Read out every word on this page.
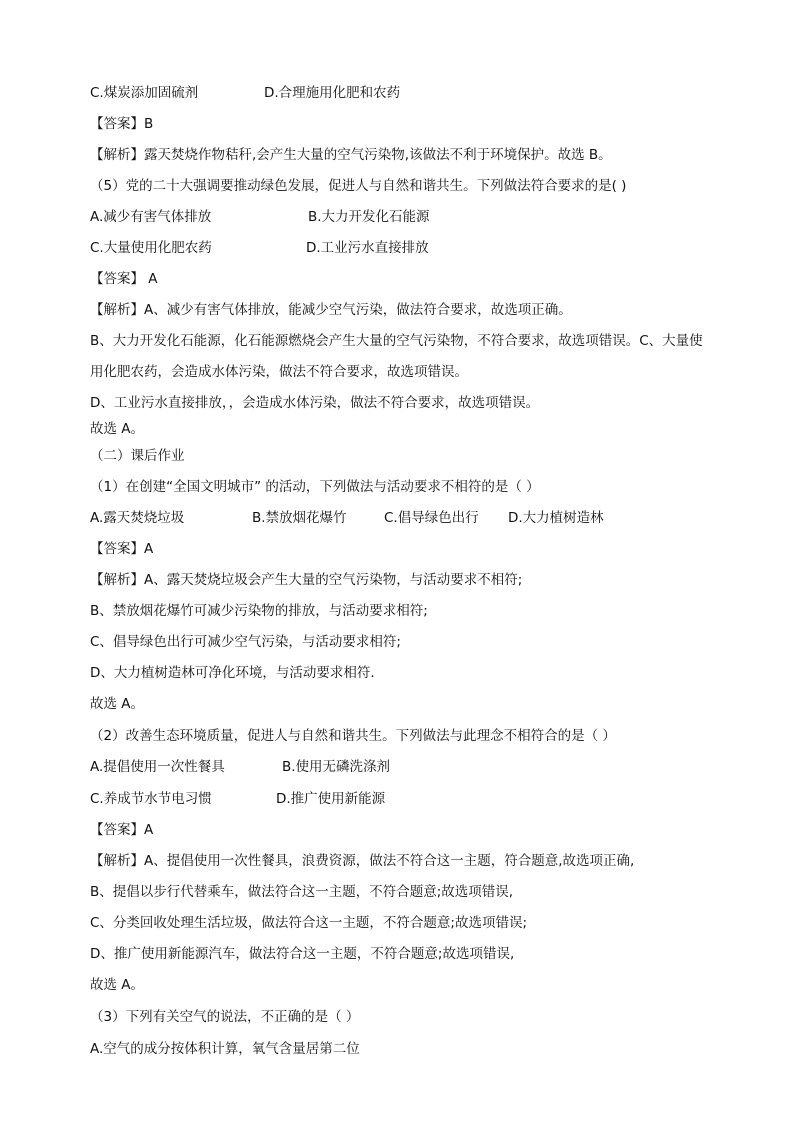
C.煤炭添加固硫剂	D.合理施用化肥和农药
【答案】B
【解析】露天焚烧作物秸秆,会产生大量的空气污染物,该做法不利于环境保护。故选 B。
（5）党的二十大强调要推动绿色发展，促进人与自然和谐共生。下列做法符合要求的是( )
A.减少有害气体排放	B.大力开发化石能源
C.大量使用化肥农药	D.工业污水直接排放
【答案】 A
【解析】A、减少有害气体排放，能减少空气污染，做法符合要求，故选项正确。
B、大力开发化石能源，化石能源燃烧会产生大量的空气污染物，不符合要求，故选项错误。C、大量使用化肥农药，会造成水体污染，做法不符合要求，故选项错误。
D、工业污水直接排放，，会造成水体污染，做法不符合要求，故选项错误。
故选 A。
（二）课后作业
（1）在创建“全国文明城市” 的活动，下列做法与活动要求不相符的是（ ）
A.露天焚烧垃圾	B.禁放烟花爆竹	C.倡导绿色出行 D.大力植树造林
【答案】A
【解析】A、露天焚烧垃圾会产生大量的空气污染物，与活动要求不相符;
B、禁放烟花爆竹可减少污染物的排放，与活动要求相符;
C、倡导绿色出行可减少空气污染，与活动要求相符;
D、大力植树造林可净化环境，与活动要求相符.
故选 A。
（2）改善生态环境质量，促进人与自然和谐共生。下列做法与此理念不相符合的是（ ）
A.提倡使用一次性餐具	B.使用无磷洗涤剂
C.养成节水节电习惯	D.推广使用新能源
【答案】A
【解析】A、提倡使用一次性餐具，浪费资源，做法不符合这一主题，符合题意,故选项正确,
B、提倡以步行代替乘车，做法符合这一主题，不符合题意;故选项错误,
C、分类回收处理生活垃圾，做法符合这一主题，不符合题意;故选项错误;
D、推广使用新能源汽车，做法符合这一主题，不符合题意;故选项错误,
故选 A。
（3）下列有关空气的说法，不正确的是（ ）
A.空气的成分按体积计算，氧气含量居第二位
